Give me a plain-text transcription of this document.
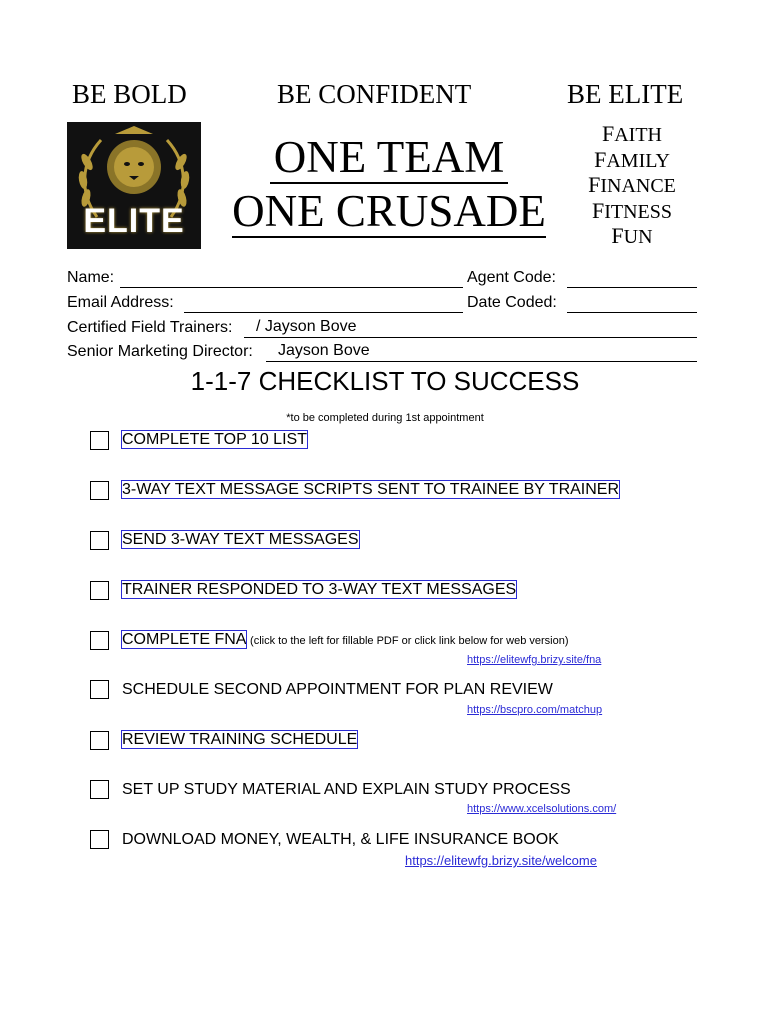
BE BOLD	BE CONFIDENT	BE ELITE
ELITE
ONE TEAM
ONE CRUSADE
FAITH
FAMILY
FINANCE
FITNESS
FUN
Name:	Agent Code:
Email Address:	Date Coded:
Certified Field Trainers: / Jayson Bove
Senior Marketing Director: Jayson Bove
1-1-7 CHECKLIST TO SUCCESS
*to be completed during 1st appointment
COMPLETE TOP 10 LIST
3-WAY TEXT MESSAGE SCRIPTS SENT TO TRAINEE BY TRAINER
SEND 3-WAY TEXT MESSAGES
TRAINER RESPONDED TO 3-WAY TEXT MESSAGES
COMPLETE FNA (click to the left for fillable PDF or click link below for web version)
https://elitewfg.brizy.site/fna
SCHEDULE SECOND APPOINTMENT FOR PLAN REVIEW
https://bscpro.com/matchup
REVIEW TRAINING SCHEDULE
SET UP STUDY MATERIAL AND EXPLAIN STUDY PROCESS
https://www.xcelsolutions.com/
DOWNLOAD MONEY, WEALTH, & LIFE INSURANCE BOOK
https://elitewfg.brizy.site/welcome
